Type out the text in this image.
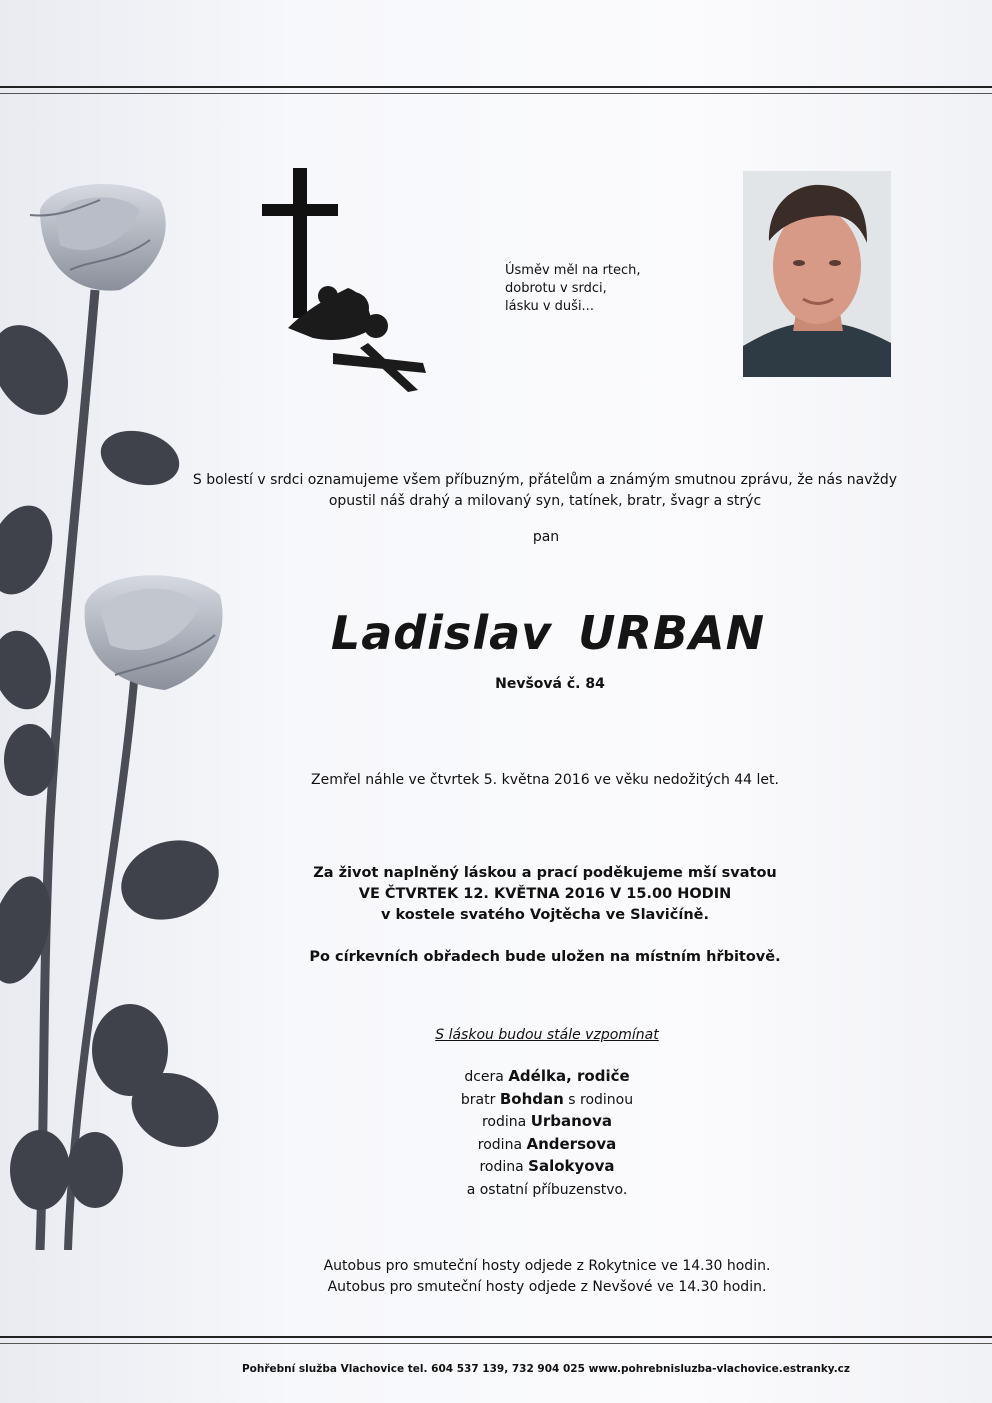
Úsměv měl na rtech,
dobrotu v srdci,
lásku v duši...
S bolestí v srdci oznamujeme všem příbuzným, přátelům a známým smutnou zprávu, že nás navždy
opustil náš drahý a milovaný syn, tatínek, bratr, švagr a strýc
pan
Ladislav URBAN
Nevšová č. 84
Zemřel náhle ve čtvrtek 5. května 2016 ve věku nedožitých 44 let.
Za život naplněný láskou a prací poděkujeme mší svatou
VE ČTVRTEK 12. KVĚTNA 2016 V 15.00 HODIN
v kostele svatého Vojtěcha ve Slavičíně.
Po církevních obřadech bude uložen na místním hřbitově.
S láskou budou stále vzpomínat
dcera Adélka, rodiče
bratr Bohdan s rodinou
rodina Urbanova
rodina Andersova
rodina Salokyova
a ostatní příbuzenstvo.
Autobus pro smuteční hosty odjede z Rokytnice ve 14.30 hodin.
Autobus pro smuteční hosty odjede z Nevšové ve 14.30 hodin.
Pohřební služba Vlachovice tel. 604 537 139, 732 904 025 www.pohrebnisluzba-vlachovice.estranky.cz
